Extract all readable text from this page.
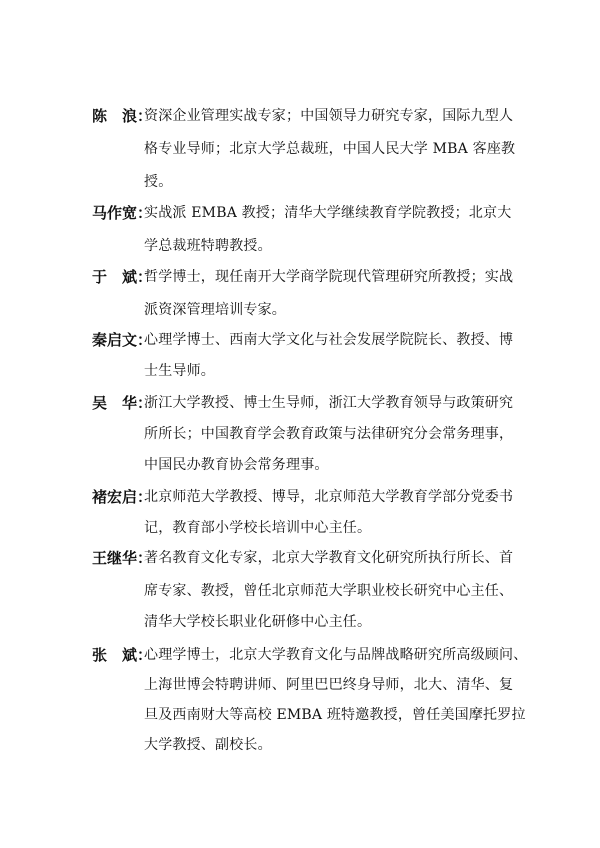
陈　浪：
资深企业管理实战专家；中国领导力研究专家，国际九型人
格专业导师；北京大学总裁班，中国人民大学 MBA 客座教
授。
马作宽：
实战派 EMBA 教授；清华大学继续教育学院教授；北京大
学总裁班特聘教授。
于　斌：
哲学博士，现任南开大学商学院现代管理研究所教授；实战
派资深管理培训专家。
秦启文：
心理学博士、西南大学文化与社会发展学院院长、教授、博
士生导师。
吴　华：
浙江大学教授、博士生导师，浙江大学教育领导与政策研究
所所长；中国教育学会教育政策与法律研究分会常务理事，
中国民办教育协会常务理事。
褚宏启：
北京师范大学教授、博导，北京师范大学教育学部分党委书
记，教育部小学校长培训中心主任。
王继华：
著名教育文化专家，北京大学教育文化研究所执行所长、首
席专家、教授，曾任北京师范大学职业校长研究中心主任、
清华大学校长职业化研修中心主任。
张　斌：
心理学博士，北京大学教育文化与品牌战略研究所高级顾问、
上海世博会特聘讲师、阿里巴巴终身导师，北大、清华、复
旦及西南财大等高校 EMBA 班特邀教授，曾任美国摩托罗拉
大学教授、副校长。
